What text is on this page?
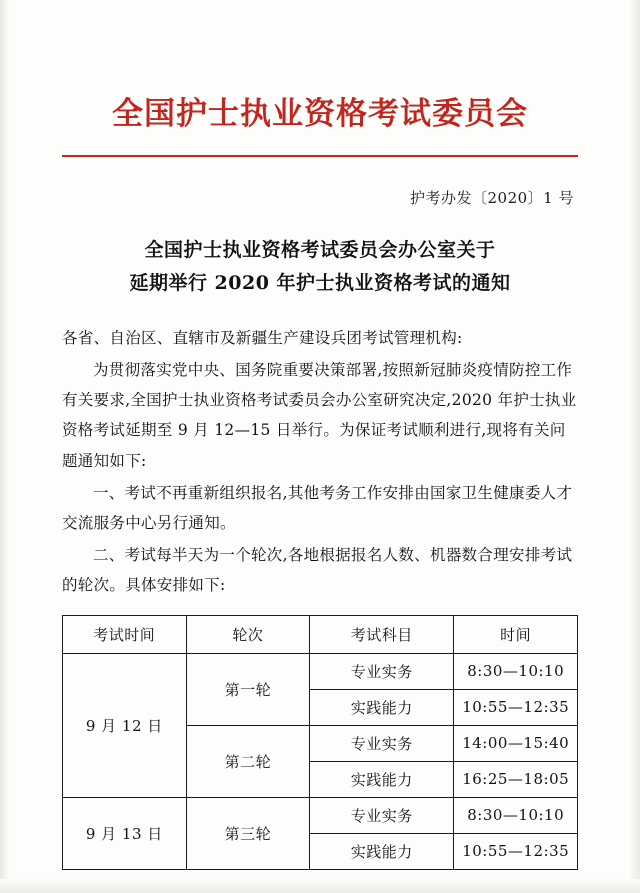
全国护士执业资格考试委员会
护考办发〔2020〕1 号
全国护士执业资格考试委员会办公室关于
延期举行 2020 年护士执业资格考试的通知

各省、自治区、直辖市及新疆生产建设兵团考试管理机构:

为贯彻落实党中央、国务院重要决策部署,按照新冠肺炎疫情防控工作有关要求,全国护士执业资格考试委员会办公室研究决定,2020 年护士执业资格考试延期至 9 月 12—15 日举行。为保证考试顺利进行,现将有关问题通知如下:

一、考试不再重新组织报名,其他考务工作安排由国家卫生健康委人才交流服务中心另行通知。

二、考试每半天为一个轮次,各地根据报名人数、机器数合理安排考试的轮次。具体安排如下:

考试时间	轮次	考试科目	时间
9 月 12 日	第一轮	专业实务	8:30—10:10
		实践能力	10:55—12:35
	第二轮	专业实务	14:00—15:40
		实践能力	16:25—18:05
9 月 13 日	第三轮	专业实务	8:30—10:10
		实践能力	10:55—12:35
